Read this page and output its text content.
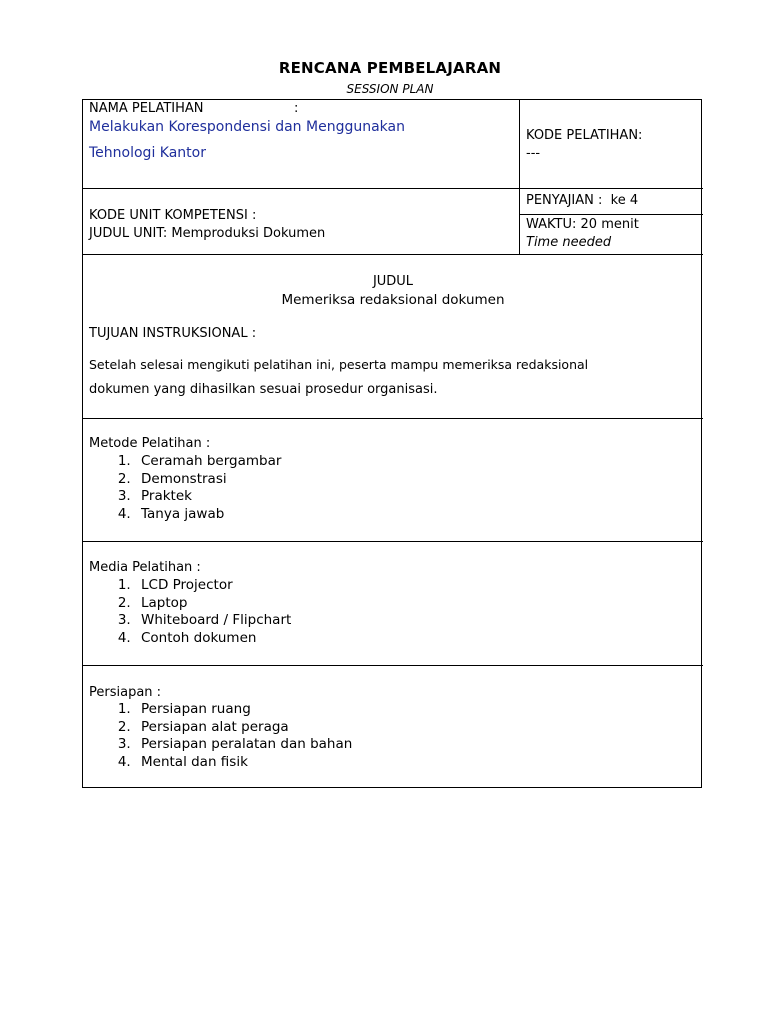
RENCANA PEMBELAJARAN
SESSION PLAN
NAMA PELATIHAN	:
Melakukan Korespondensi dan Menggunakan
Tehnologi Kantor
KODE PELATIHAN:
---
KODE UNIT KOMPETENSI :
JUDUL UNIT: Memproduksi Dokumen
PENYAJIAN :  ke 4
WAKTU: 20 menit
Time needed
JUDUL
Memeriksa redaksional dokumen
TUJUAN INSTRUKSIONAL :
Setelah selesai mengikuti pelatihan ini, peserta mampu memeriksa redaksional
dokumen yang dihasilkan sesuai prosedur organisasi.
Metode Pelatihan :
1. Ceramah bergambar
2. Demonstrasi
3. Praktek
4. Tanya jawab
Media Pelatihan :
1. LCD Projector
2. Laptop
3. Whiteboard / Flipchart
4. Contoh dokumen
Persiapan :
1. Persiapan ruang
2. Persiapan alat peraga
3. Persiapan peralatan dan bahan
4. Mental dan fisik
